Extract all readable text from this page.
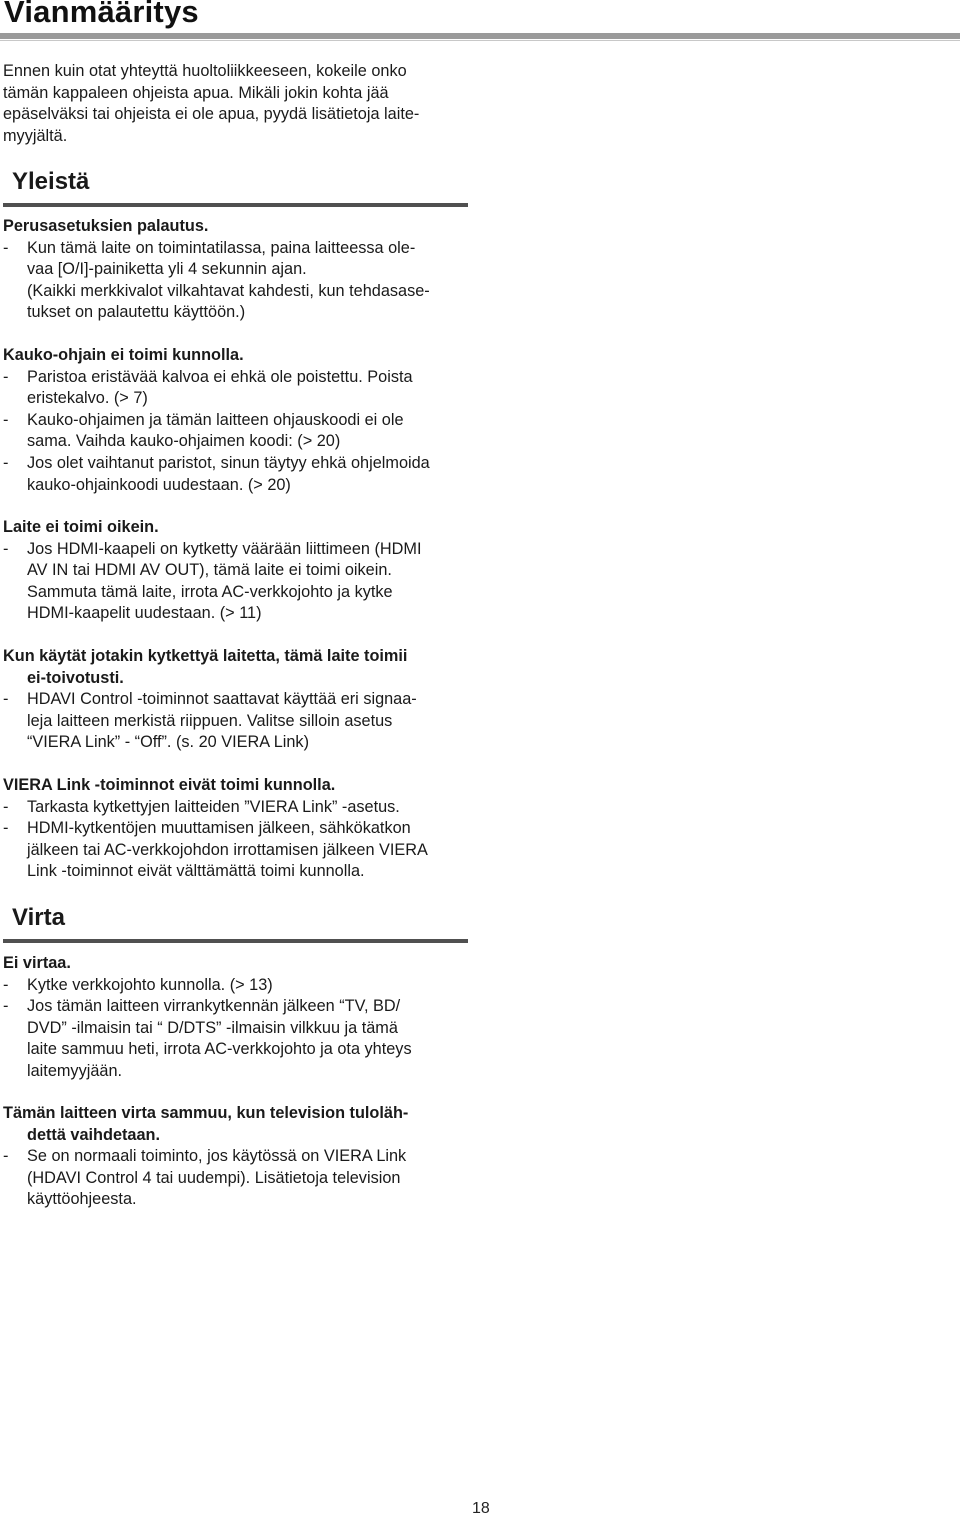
Vianmääritys

Ennen kuin otat yhteyttä huoltoliikkeeseen, kokeile onko

tämän kappaleen ohjeista apua. Mikäli jokin kohta jää

epäselväksi tai ohjeista ei ole apua, pyydä lisätietoja laite-

myyjältä.

Yleistä
Perusasetuksien palautus.
- Kun tämä laite on toimintatilassa, paina laitteessa ole-
vaa [O/I]-painiketta yli 4 sekunnin ajan.

(Kaikki merkkivalot vilkahtavat kahdesti, kun tehdasase-

tukset on palautettu käyttöön.)

Kauko-ohjain ei toimi kunnolla.
- Paristoa eristävää kalvoa ei ehkä ole poistettu. Poista
eristekalvo. (> 7)
- Kauko-ohjaimen ja tämän laitteen ohjauskoodi ei ole
sama. Vaihda kauko-ohjaimen koodi: (> 20)
- Jos olet vaihtanut paristot, sinun täytyy ehkä ohjelmoida
kauko-ohjainkoodi uudestaan. (> 20)
Laite ei toimi oikein.
- Jos HDMI-kaapeli on kytketty väärään liittimeen (HDMI
AV IN tai HDMI AV OUT), tämä laite ei toimi oikein.
Sammuta tämä laite, irrota AC-verkkojohto ja kytke
HDMI-kaapelit uudestaan. (> 11)
Kun käytät jotakin kytkettyä laitetta, tämä laite toimii
ei-toivotusti.
- HDAVI Control -toiminnot saattavat käyttää eri signaa-
leja laitteen merkistä riippuen. Valitse silloin asetus
“VIERA Link” - “Off”. (s. 20 VIERA Link)
VIERA Link -toiminnot eivät toimi kunnolla.
- Tarkasta kytkettyjen laitteiden ”VIERA Link” -asetus.
- HDMI-kytkentöjen muuttamisen jälkeen, sähkökatkon
jälkeen tai AC-verkkojohdon irrottamisen jälkeen VIERA
Link -toiminnot eivät välttämättä toimi kunnolla.
Virta
Ei virtaa.
- Kytke verkkojohto kunnolla. (> 13)
- Jos tämän laitteen virrankytkennän jälkeen “TV, BD/
DVD” -ilmaisin tai “ D/DTS” -ilmaisin vilkkuu ja tämä
laite sammuu heti, irrota AC-verkkojohto ja ota yhteys
laitemyyjään.
Tämän laitteen virta sammuu, kun television tuloläh-
dettä vaihdetaan.
- Se on normaali toiminto, jos käytössä on VIERA Link
(HDAVI Control 4 tai uudempi). Lisätietoja television
käyttöohjeesta.
18
